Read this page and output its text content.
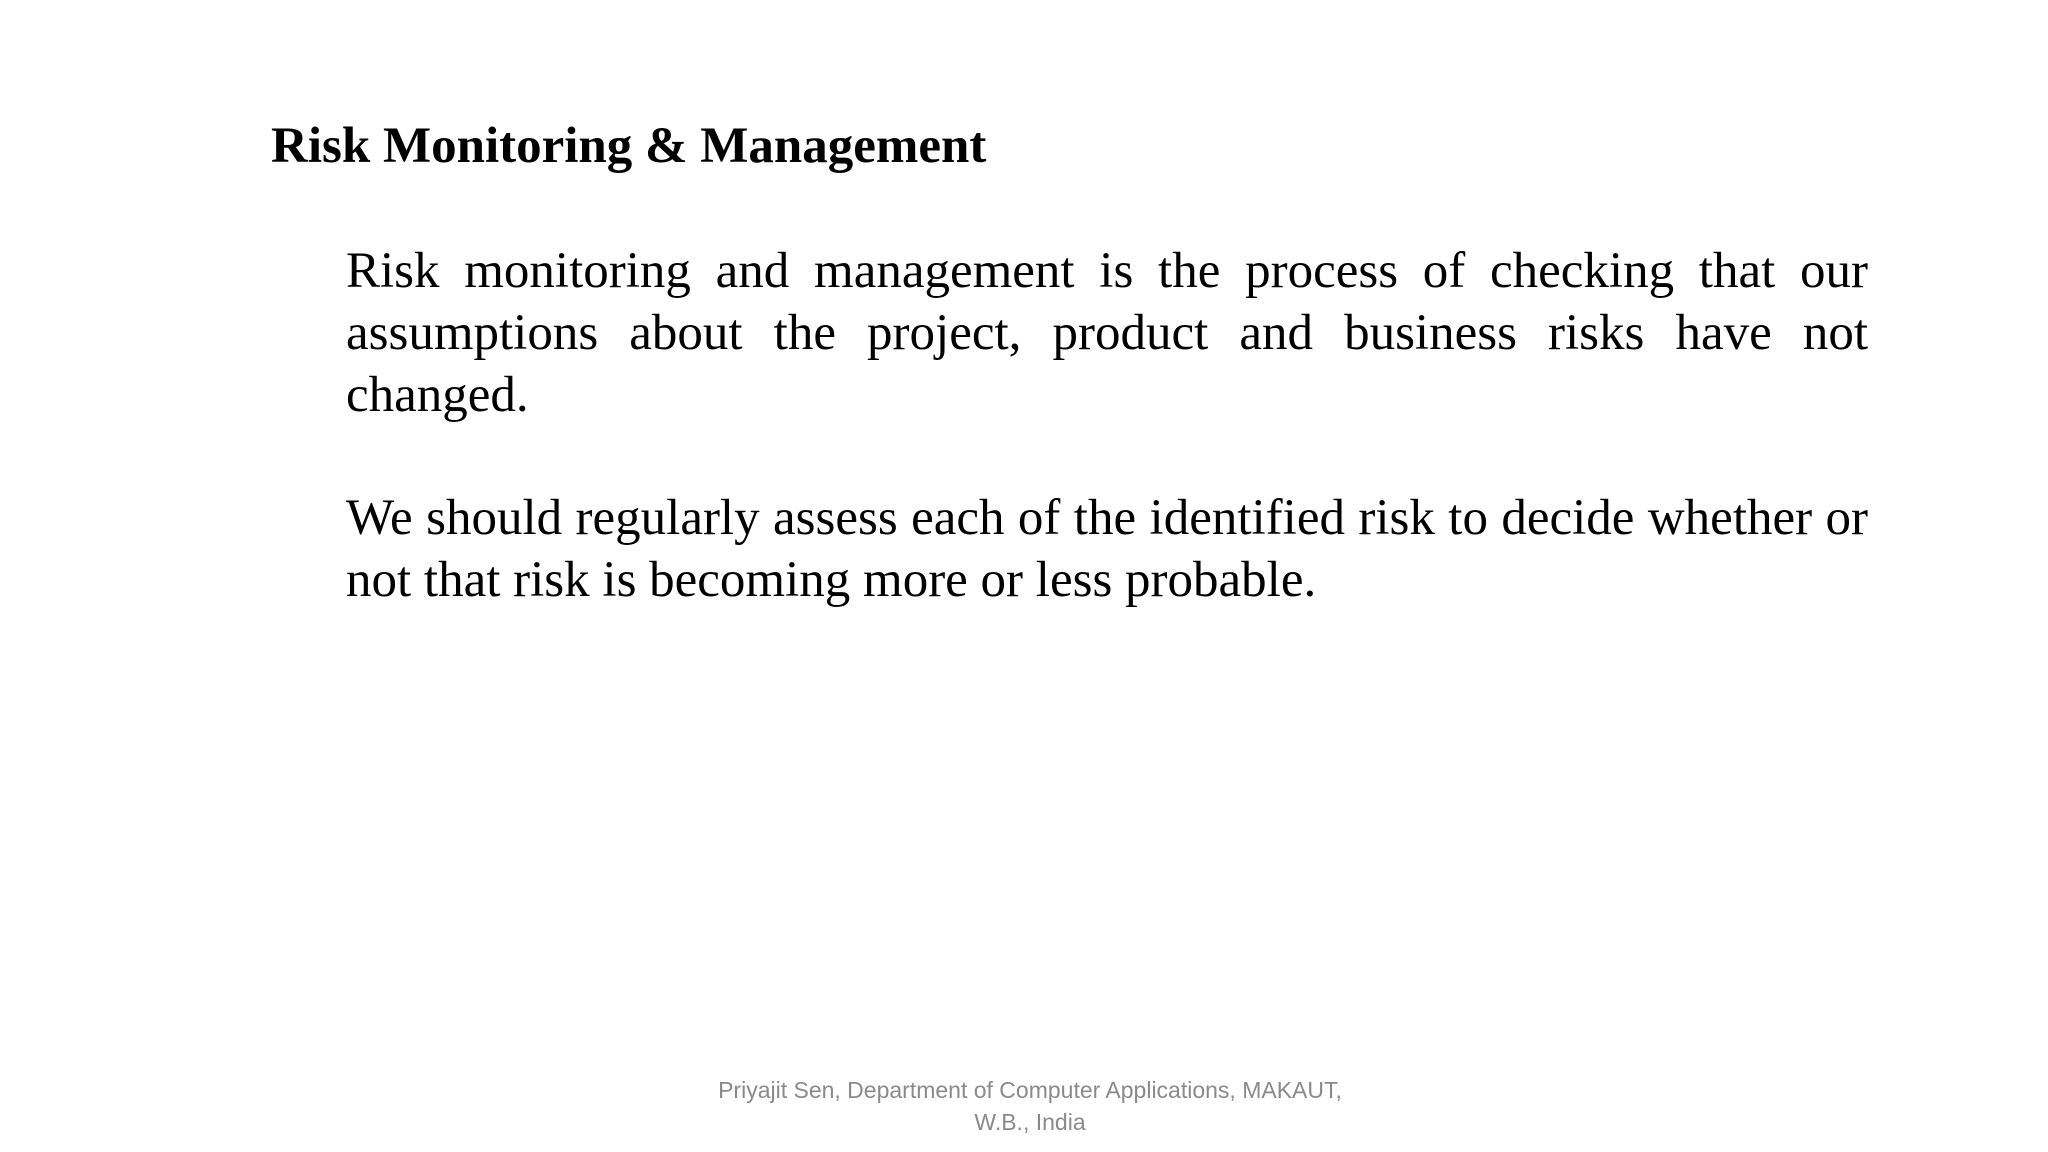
Risk Monitoring & Management

Risk monitoring and management is the process of checking that our assumptions about the project, product and business risks have not changed.

We should regularly assess each of the identified risk to decide whether or not that risk is becoming more or less probable.

Priyajit Sen, Department of Computer Applications, MAKAUT,
W.B., India
